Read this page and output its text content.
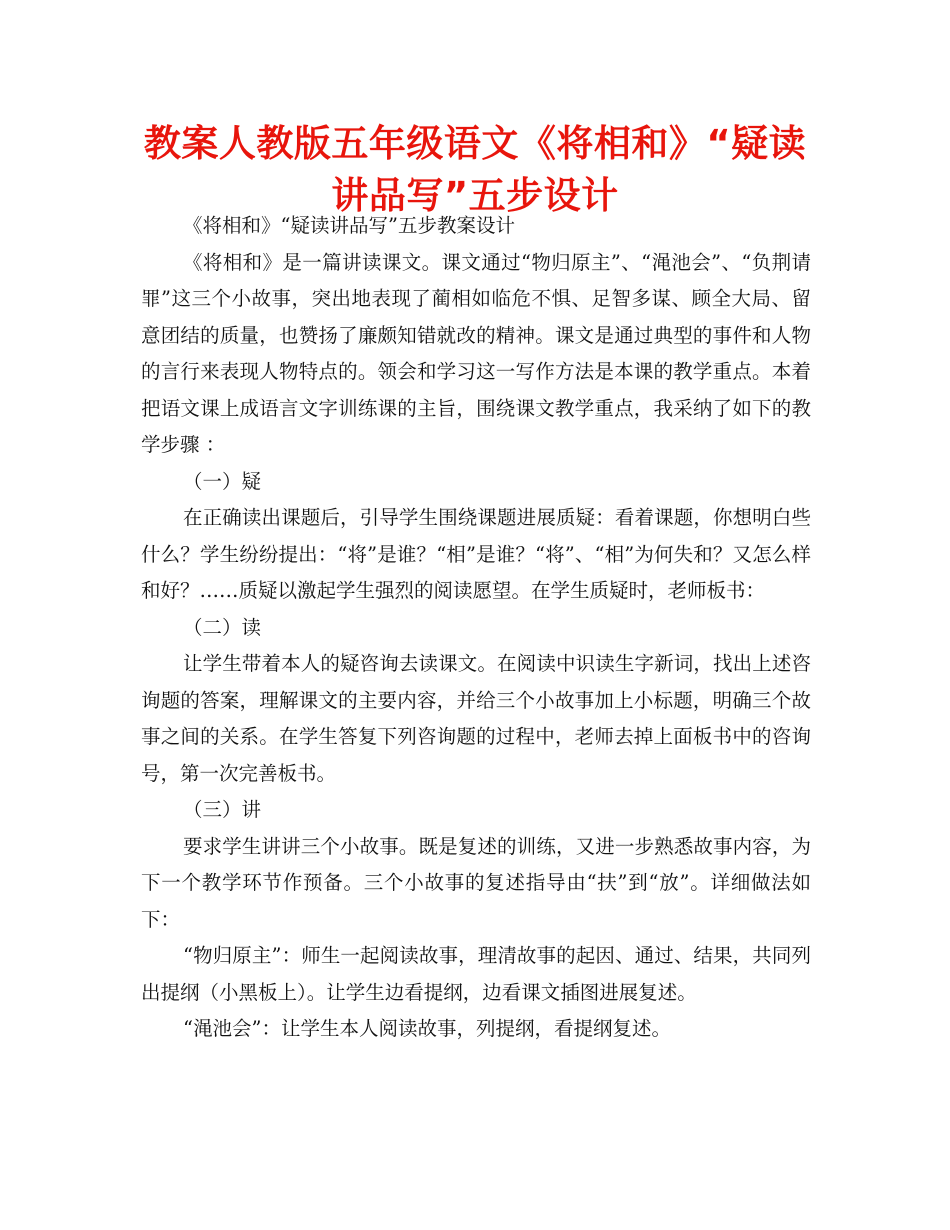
教案人教版五年级语文《将相和》“疑读讲品写”五步设计

《将相和》“疑读讲品写”五步教案设计

《将相和》是一篇讲读课文。课文通过“物归原主”、“渑池会”、“负荆请罪”这三个小故事，突出地表现了蔺相如临危不惧、足智多谋、顾全大局、留意团结的质量，也赞扬了廉颇知错就改的精神。课文是通过典型的事件和人物的言行来表现人物特点的。领会和学习这一写作方法是本课的教学重点。本着把语文课上成语言文字训练课的主旨，围绕课文教学重点，我采纳了如下的教学步骤 ：

（一）疑

在正确读出课题后，引导学生围绕课题进展质疑：看着课题，你想明白些什么？学生纷纷提出：“将”是谁？“相”是谁？“将”、“相”为何失和？又怎么样和好？……质疑以激起学生强烈的阅读愿望。在学生质疑时，老师板书：

（二）读

让学生带着本人的疑咨询去读课文。在阅读中识读生字新词，找出上述咨询题的答案，理解课文的主要内容，并给三个小故事加上小标题，明确三个故事之间的关系。在学生答复下列咨询题的过程中，老师去掉上面板书中的咨询号，第一次完善板书。

（三）讲

要求学生讲讲三个小故事。既是复述的训练，又进一步熟悉故事内容，为下一个教学环节作预备。三个小故事的复述指导由“扶”到“放”。详细做法如下：

“物归原主”：师生一起阅读故事，理清故事的起因、通过、结果，共同列出提纲（小黑板上）。让学生边看提纲，边看课文插图进展复述。

“渑池会”：让学生本人阅读故事，列提纲，看提纲复述。
